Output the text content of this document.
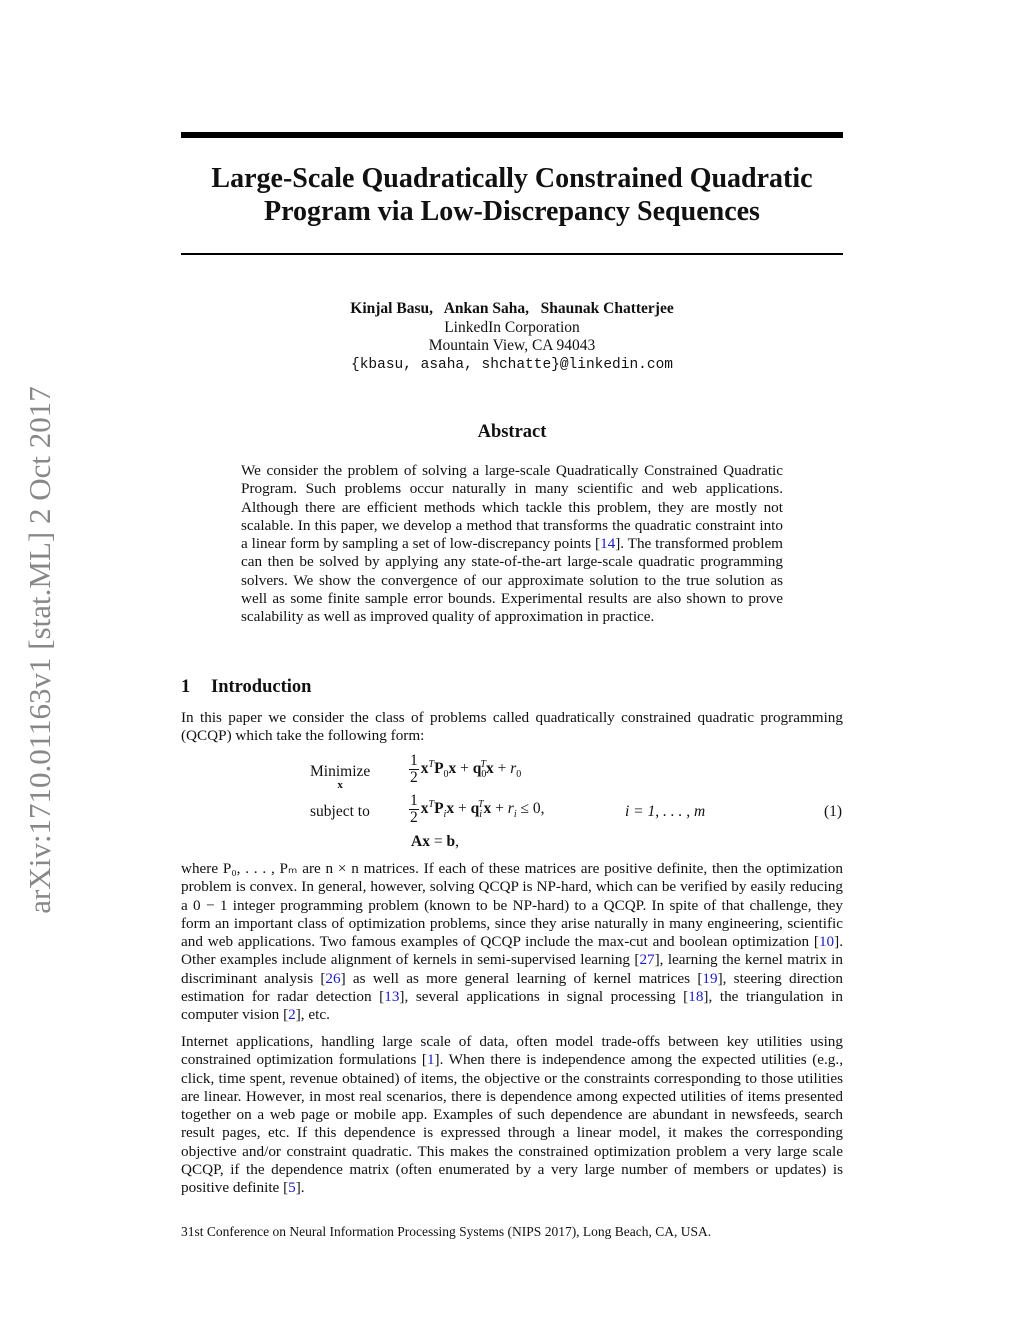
arXiv:1710.01163v1 [stat.ML] 2 Oct 2017
Large-Scale Quadratically Constrained Quadratic
Program via Low-Discrepancy Sequences
Kinjal Basu,   Ankan Saha,   Shaunak Chatterjee
LinkedIn Corporation
Mountain View, CA 94043
{kbasu, asaha, shchatte}@linkedin.com
Abstract
We consider the problem of solving a large-scale Quadratically Constrained Quadratic Program. Such problems occur naturally in many scientific and web applications. Although there are efficient methods which tackle this problem, they are mostly not scalable. In this paper, we develop a method that transforms the quadratic constraint into a linear form by sampling a set of low-discrepancy points [14]. The transformed problem can then be solved by applying any state-of-the-art large-scale quadratic programming solvers. We show the convergence of our approximate solution to the true solution as well as some finite sample error bounds. Experimental results are also shown to prove scalability as well as improved quality of approximation in practice.
1 Introduction
In this paper we consider the class of problems called quadratically constrained quadratic programming (QCQP) which take the following form:
Minimize
x	$\frac{1}{2} x^TP_0x + q_0^Tx + r_0$
subject to	$\frac{1}{2} x^TP_ix + q_i^Tx + r_i \le 0$,	i = 1, . . . , m	(1)
Ax = b,
where P₀, . . . , Pₘ are n × n matrices. If each of these matrices are positive definite, then the optimization problem is convex. In general, however, solving QCQP is NP-hard, which can be verified by easily reducing a 0 − 1 integer programming problem (known to be NP-hard) to a QCQP. In spite of that challenge, they form an important class of optimization problems, since they arise naturally in many engineering, scientific and web applications. Two famous examples of QCQP include the max-cut and boolean optimization [10]. Other examples include alignment of kernels in semi-supervised learning [27], learning the kernel matrix in discriminant analysis [26] as well as more general learning of kernel matrices [19], steering direction estimation for radar detection [13], several applications in signal processing [18], the triangulation in computer vision [2], etc.
Internet applications, handling large scale of data, often model trade-offs between key utilities using constrained optimization formulations [1]. When there is independence among the expected utilities (e.g., click, time spent, revenue obtained) of items, the objective or the constraints corresponding to those utilities are linear. However, in most real scenarios, there is dependence among expected utilities of items presented together on a web page or mobile app. Examples of such dependence are abundant in newsfeeds, search result pages, etc. If this dependence is expressed through a linear model, it makes the corresponding objective and/or constraint quadratic. This makes the constrained optimization problem a very large scale QCQP, if the dependence matrix (often enumerated by a very large number of members or updates) is positive definite [5].
31st Conference on Neural Information Processing Systems (NIPS 2017), Long Beach, CA, USA.
